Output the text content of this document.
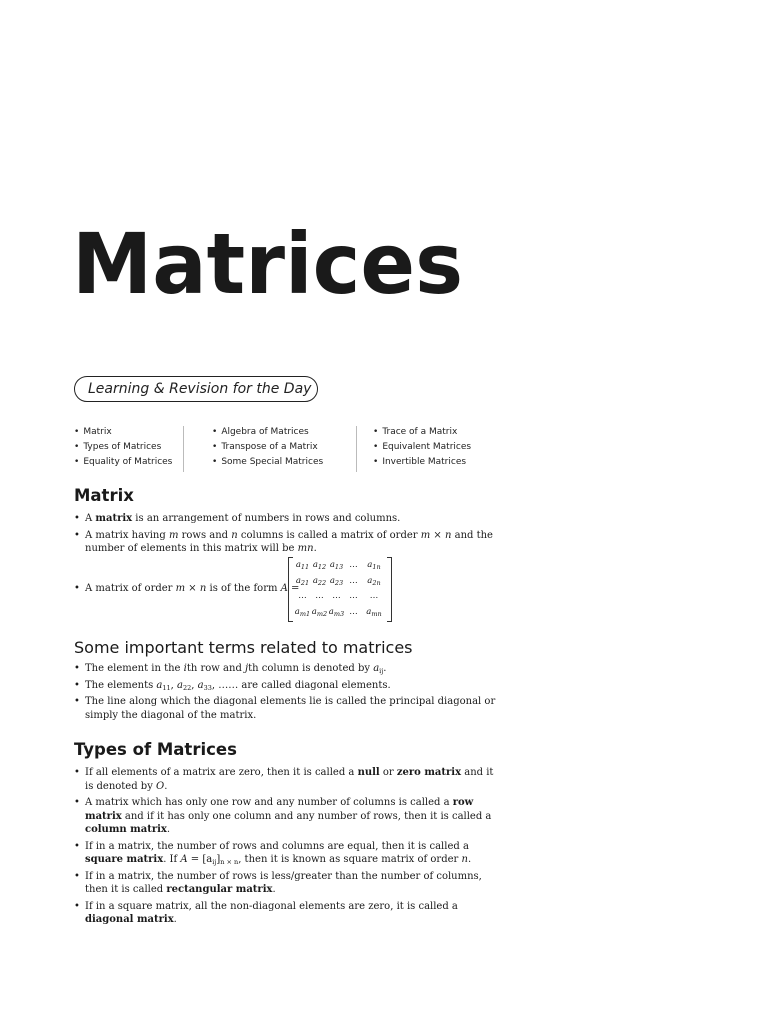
Matrices
Learning & Revision for the Day
• Matrix
• Types of Matrices
• Equality of Matrices
• Algebra of Matrices
• Transpose of a Matrix
• Some Special Matrices
• Trace of a Matrix
• Equivalent Matrices
• Invertible Matrices
Matrix
• A matrix is an arrangement of numbers in rows and columns.
• A matrix having m rows and n columns is called a matrix of order m × n and the number of elements in this matrix will be mn.
• A matrix of order m × n is of the form A =
$a_{11}$ $a_{12}$ $a_{13}$ …	$a_{1n}$
$a_{21}$ $a_{22}$ $a_{23}$ …	$a_{2n}$
…	…	…	…	…
$a_{m1}$ $a_{m2}$ $a_{m3}$ …	$a_{mn}$
Some important terms related to matrices
• The element in the ith row and jth column is denoted by $a_{ij}$.
• The elements $a_{11}$, $a_{22}$, $a_{33}$, …… are called diagonal elements.
• The line along which the diagonal elements lie is called the principal diagonal or simply the diagonal of the matrix.
Types of Matrices
• If all elements of a matrix are zero, then it is called a null or zero matrix and it is denoted by O.
• A matrix which has only one row and any number of columns is called a row matrix and if it has only one column and any number of rows, then it is called a column matrix.
• If in a matrix, the number of rows and columns are equal, then it is called a square matrix. If $A = [a_{ij}]_{n \times n}$, then it is known as square matrix of order n.
• If in a matrix, the number of rows is less/greater than the number of columns, then it is called rectangular matrix.
• If in a square matrix, all the non-diagonal elements are zero, it is called a diagonal matrix.
